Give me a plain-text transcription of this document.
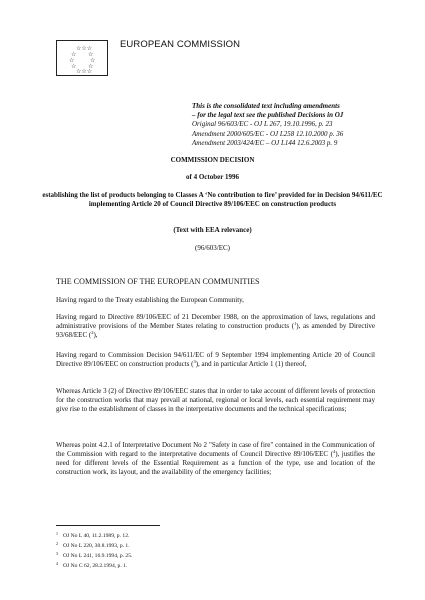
☆☆☆
☆ ☆
☆	☆
☆ ☆
☆☆☆
EUROPEAN COMMISSION
This is the consolidated text including amendments
– for the legal text see the published Decisions in OJ
Original 96/603/EC - OJ L 267, 19.10.1996, p. 23
Amendment 2000/605/EC - OJ L258 12.10.2000 p. 36
Amendment 2003/424/EC – OJ L144 12.6.2003 p. 9
COMMISSION DECISION
of 4 October 1996
establishing the list of products belonging to Classes A ‘No contribution to fire’ provided for in Decision 94/611/EC implementing Article 20 of Council Directive 89/106/EEC on construction products
(Text with EEA relevance)
(96/603/EC)
THE COMMISSION OF THE EUROPEAN COMMUNITIES
Having regard to the Treaty establishing the European Community,
Having regard to Directive 89/106/EEC of 21 December 1988, on the approximation of laws, regulations and administrative provisions of the Member States relating to construction products ($^1$), as amended by Directive 93/68/EEC ($^2$),
Having regard to Commission Decision 94/611/EC of 9 September 1994 implementing Article 20 of Council Directive 89/106/EEC on construction products ($^3$), and in particular Article 1 (1) thereof,
Whereas Article 3 (2) of Directive 89/106/EEC states that in order to take account of different levels of protection for the construction works that may prevail at national, regional or local levels, each essential requirement may give rise to the establishment of classes in the interpretative documents and the technical specifications;
Whereas point 4.2.1 of Interpretative Document No 2 "Safety in case of fire" contained in the Communication of the Commission with regard to the interpretative documents of Council Directive 89/106/EEC ($^4$), justifies the need for different levels of the Essential Requirement as a function of the type, use and location of the construction work, its layout, and the availability of the emergency facilities;
1 OJ No L 40, 11.2.1989, p. 12.
2 OJ No L 220, 30.8.1993, p. 1.
3 OJ No L 241, 16.9.1994, p. 25.
4 OJ No C 62, 28.2.1994, p. 1.
